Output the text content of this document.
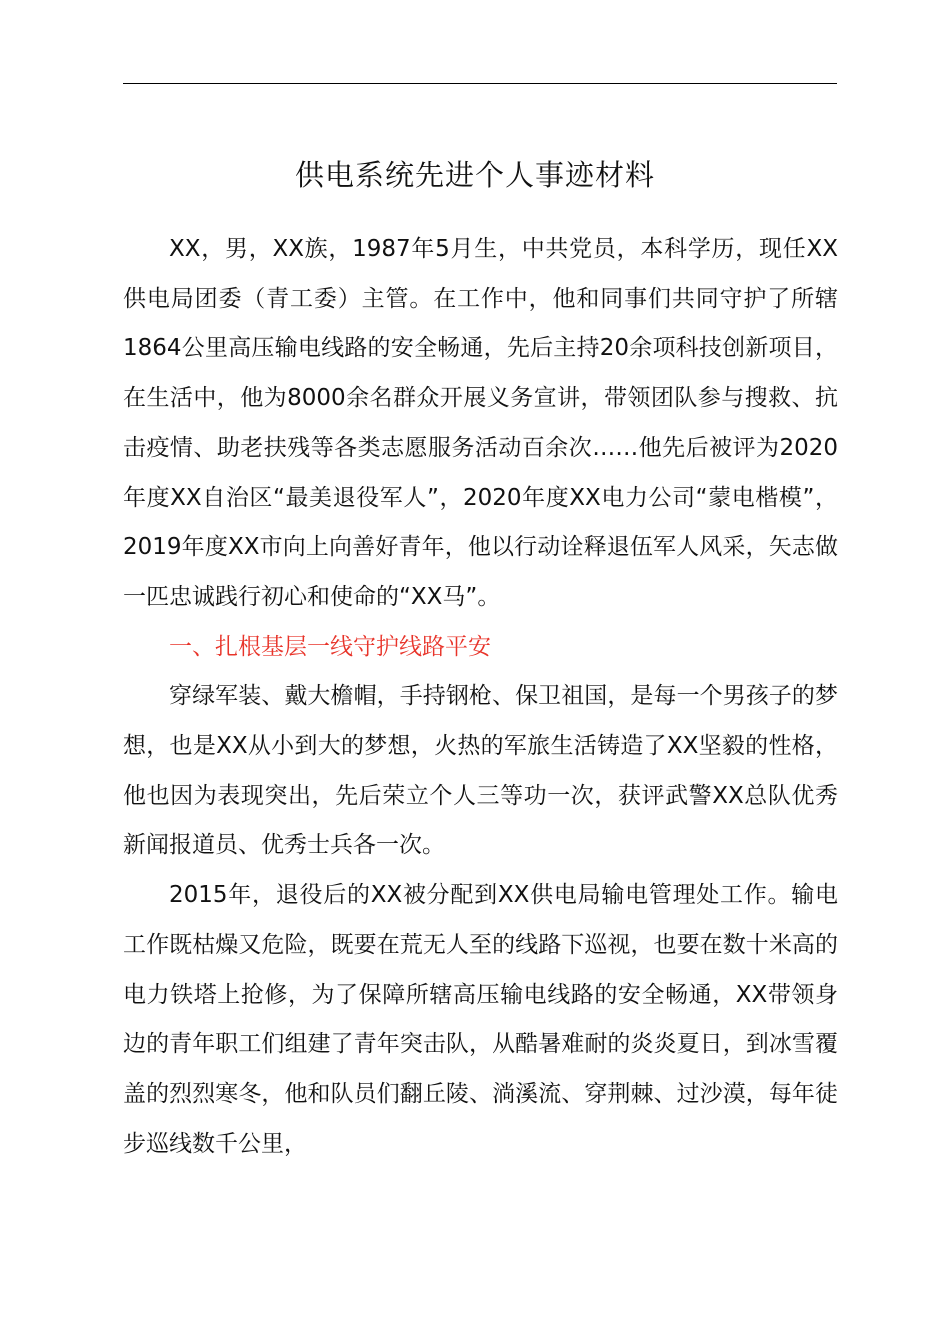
供电系统先进个人事迹材料

XX，男，XX族，1987年5月生，中共党员，本科学历，现任XX供电局团委（青工委）主管。在工作中，他和同事们共同守护了所辖1864公里高压输电线路的安全畅通，先后主持20余项科技创新项目，在生活中，他为8000余名群众开展义务宣讲，带领团队参与搜救、抗击疫情、助老扶残等各类志愿服务活动百余次……他先后被评为2020年度XX自治区“最美退役军人”，2020年度XX电力公司“蒙电楷模”，2019年度XX市向上向善好青年，他以行动诠释退伍军人风采，矢志做一匹忠诚践行初心和使命的“XX马”。

一、扎根基层一线守护线路平安

穿绿军装、戴大檐帽，手持钢枪、保卫祖国，是每一个男孩子的梦想，也是XX从小到大的梦想，火热的军旅生活铸造了XX坚毅的性格，他也因为表现突出，先后荣立个人三等功一次，获评武警XX总队优秀新闻报道员、优秀士兵各一次。

2015年，退役后的XX被分配到XX供电局输电管理处工作。输电工作既枯燥又危险，既要在荒无人至的线路下巡视，也要在数十米高的电力铁塔上抢修，为了保障所辖高压输电线路的安全畅通，XX带领身边的青年职工们组建了青年突击队，从酷暑难耐的炎炎夏日，到冰雪覆盖的烈烈寒冬，他和队员们翻丘陵、淌溪流、穿荆棘、过沙漠，每年徒步巡线数千公里，
